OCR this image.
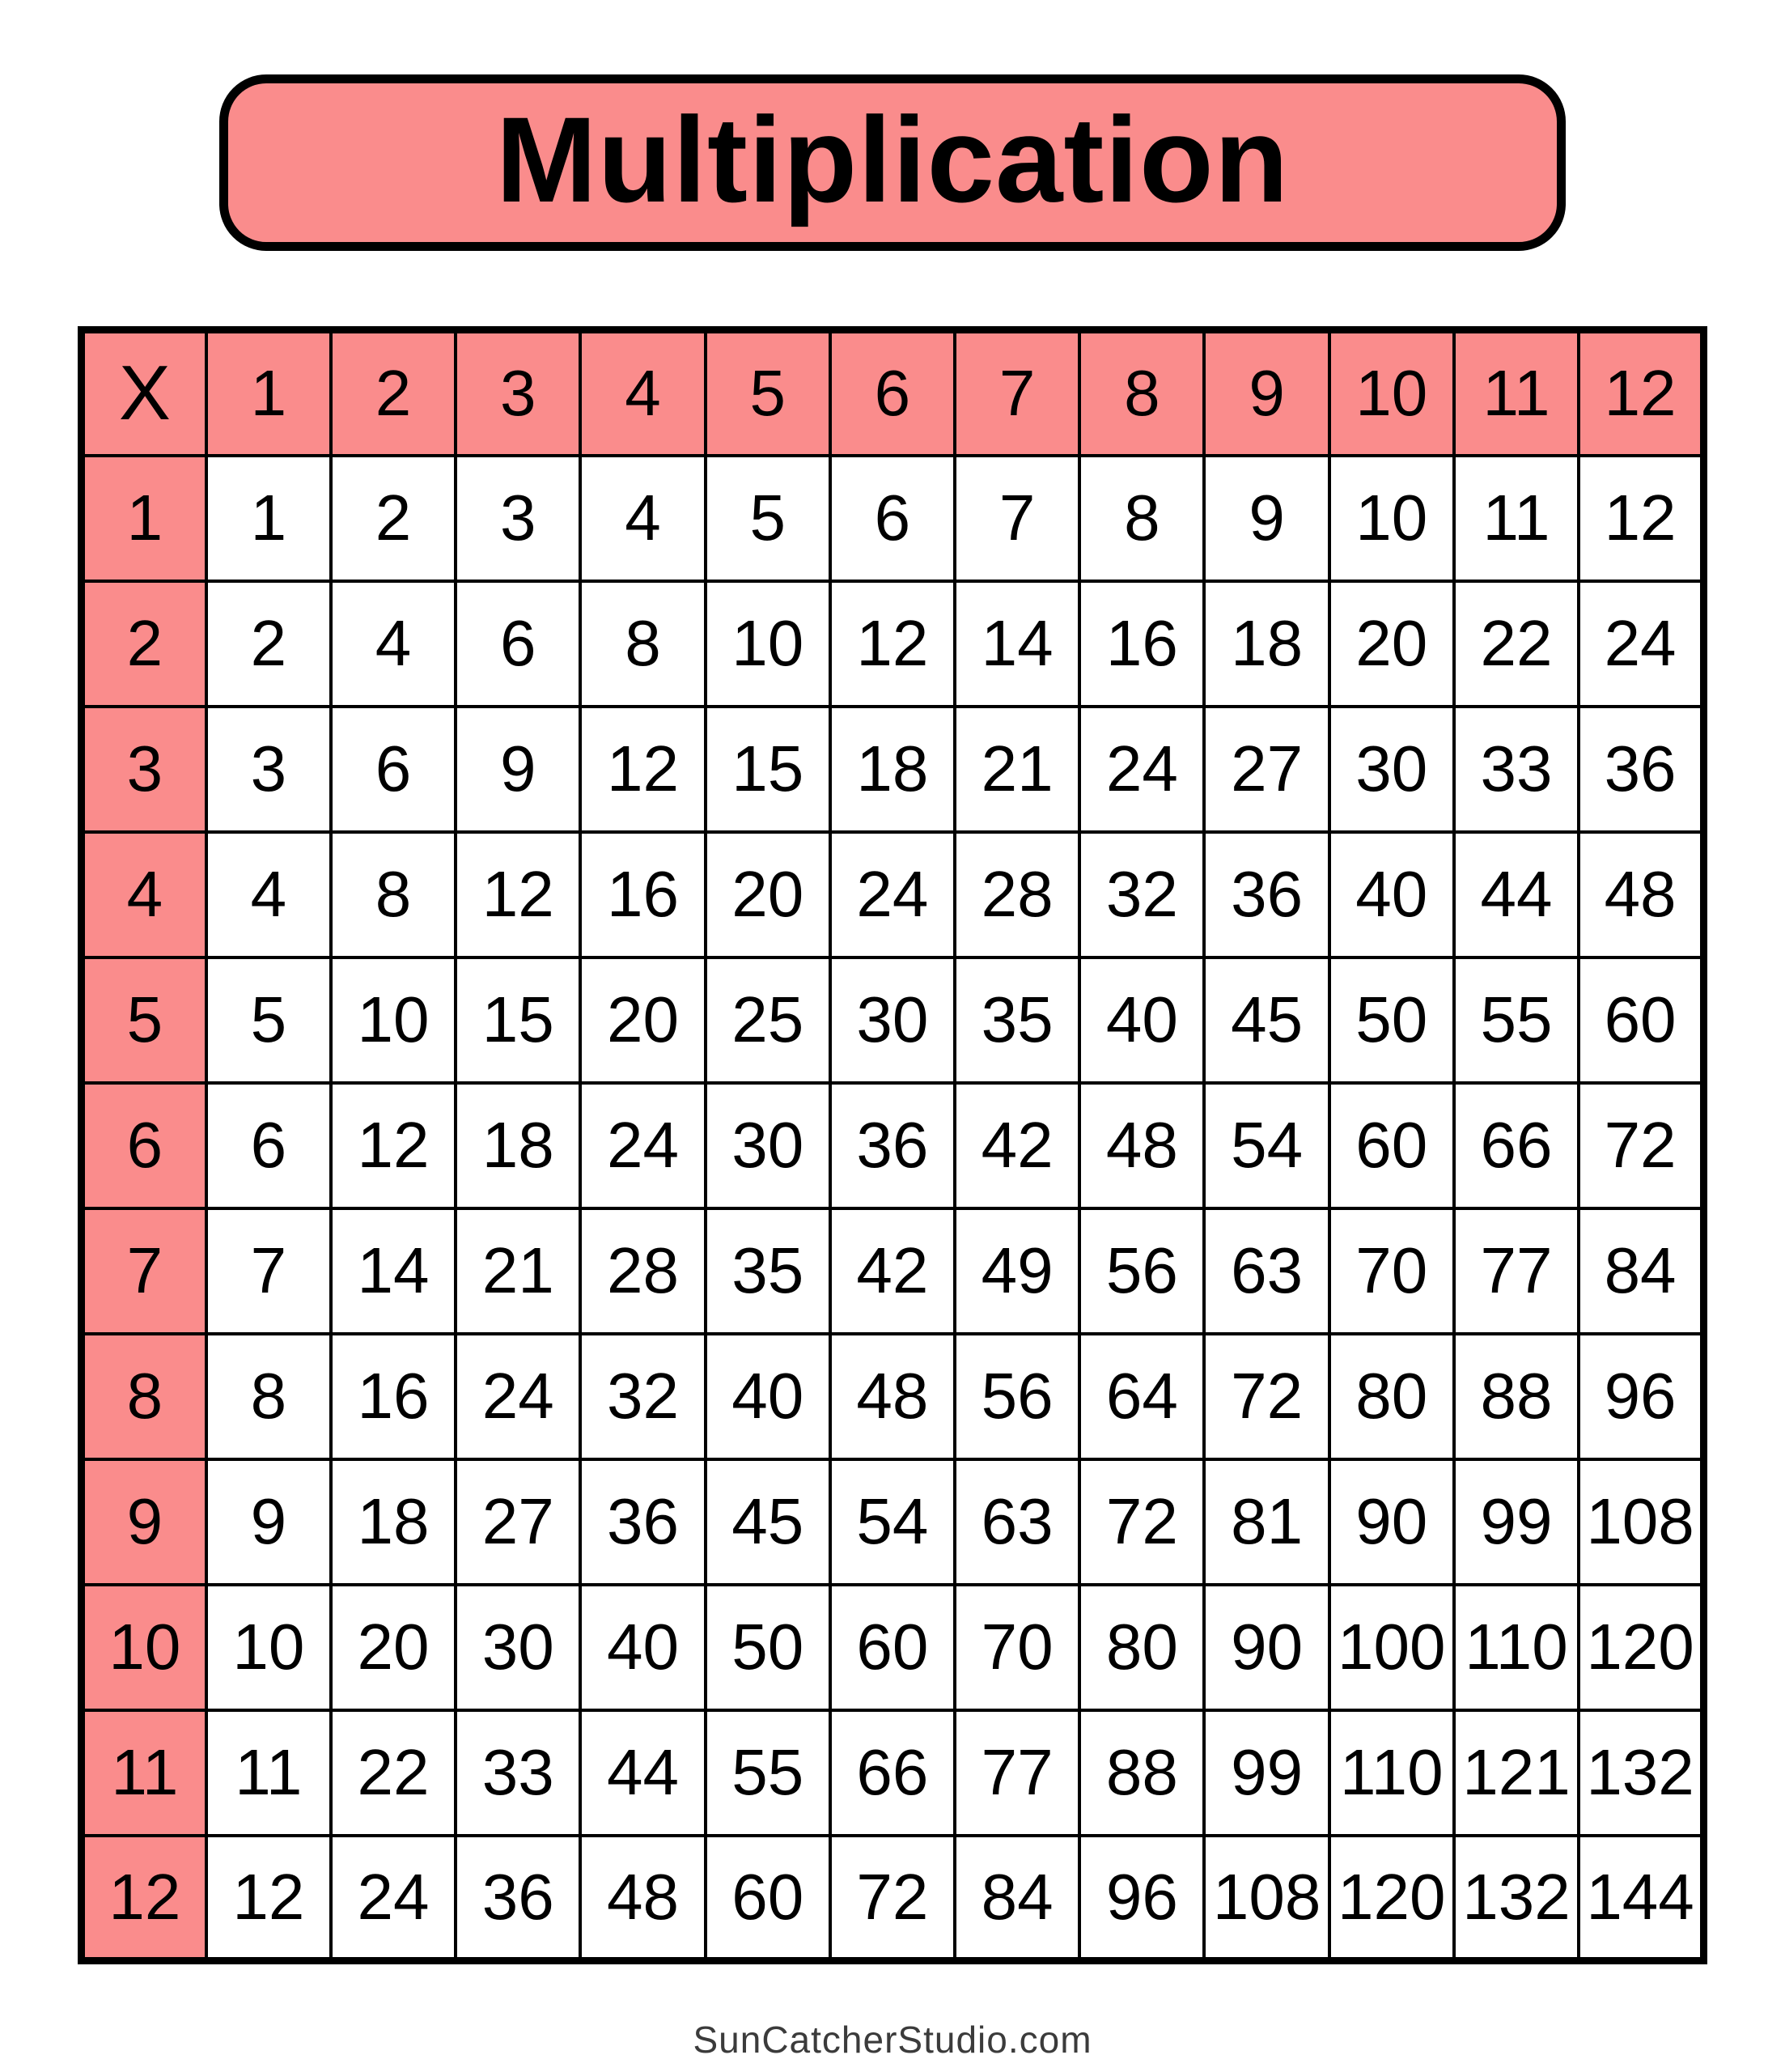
Multiplication
X	1	2	3	4	5	6	7	8	9	10	11	12
1	1	2	3	4	5	6	7	8	9	10	11	12
2	2	4	6	8	10	12	14	16	18	20	22	24
3	3	6	9	12	15	18	21	24	27	30	33	36
4	4	8	12	16	20	24	28	32	36	40	44	48
5	5	10	15	20	25	30	35	40	45	50	55	60
6	6	12	18	24	30	36	42	48	54	60	66	72
7	7	14	21	28	35	42	49	56	63	70	77	84
8	8	16	24	32	40	48	56	64	72	80	88	96
9	9	18	27	36	45	54	63	72	81	90	99	108
10	10	20	30	40	50	60	70	80	90	100	110	120
11	11	22	33	44	55	66	77	88	99	110	121	132
12	12	24	36	48	60	72	84	96	108	120	132	144
SunCatcherStudio.com
